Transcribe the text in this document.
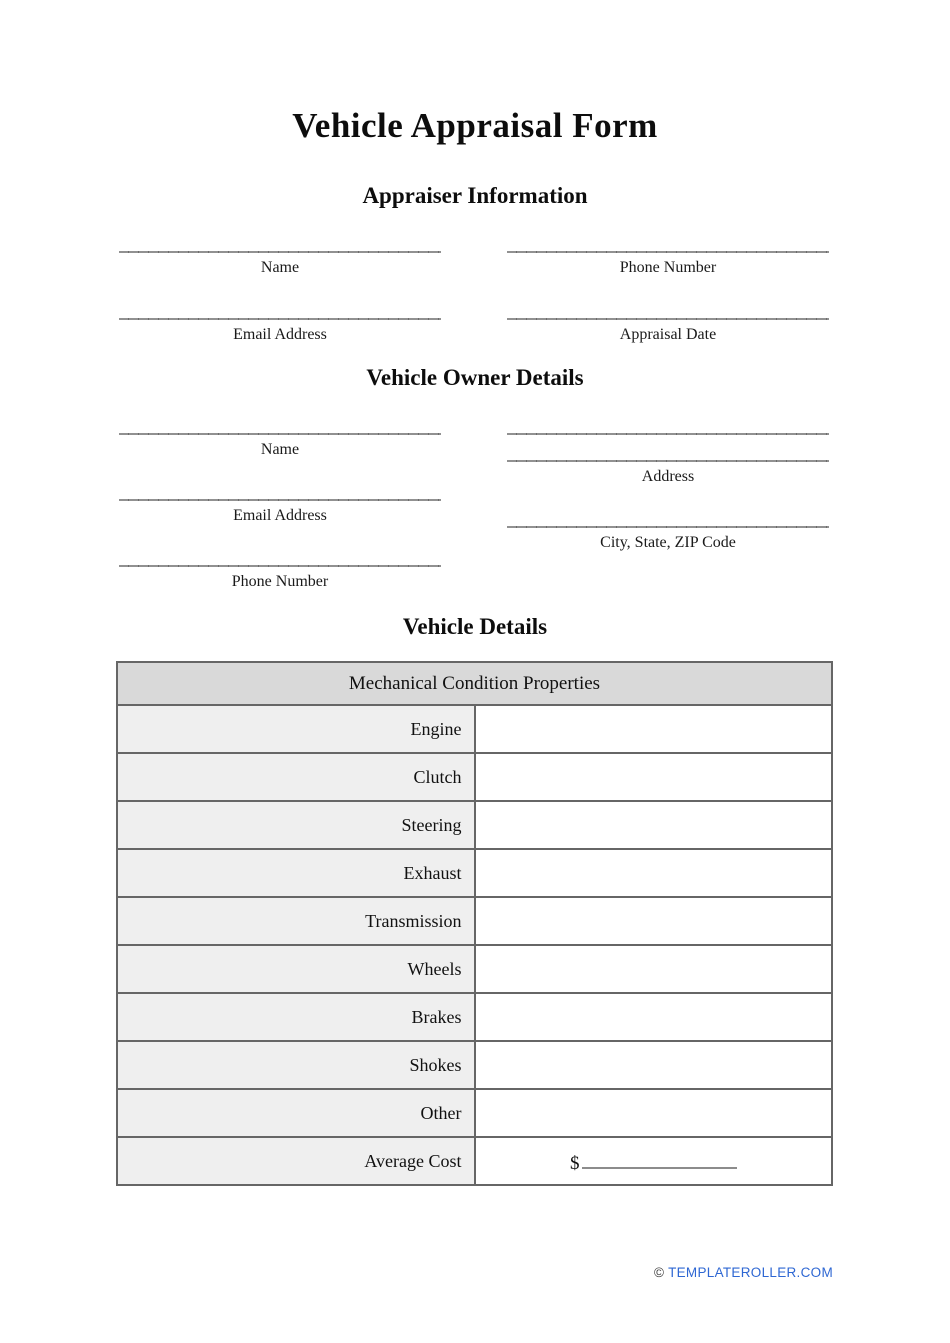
Vehicle Appraisal Form
Appraiser Information
Name	Phone Number
Email Address	Appraisal Date
Vehicle Owner Details
Name
Email Address
Phone Number
Address
City, State, ZIP Code
Vehicle Details
Mechanical Condition Properties	
Engine	
Clutch	
Steering	
Exhaust	
Transmission	
Wheels	
Brakes	
Shokes	
Other	
Average Cost	$
© TEMPLATEROLLER.COM
